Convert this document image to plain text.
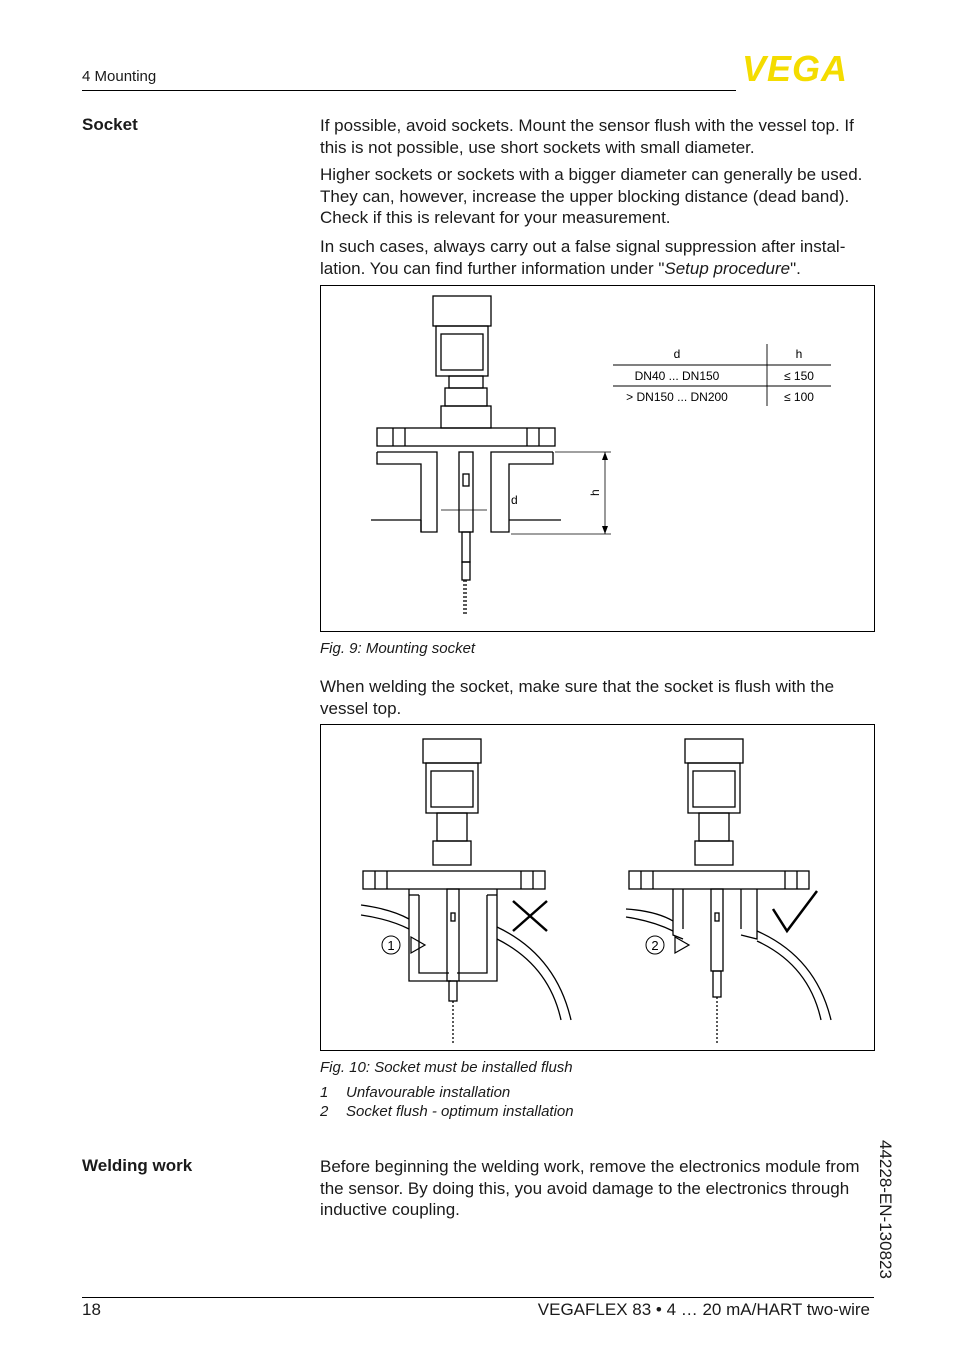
4 Mounting	VEGA
Socket	If possible, avoid sockets. Mount the sensor flush with the vessel top. If this is not possible, use short sockets with small diameter.
Higher sockets or sockets with a bigger diameter can generally be used. They can, however, increase the upper blocking distance (dead band). Check if this is relevant for your measurement.
In such cases, always carry out a false signal suppression after installation. You can find further information under "Setup procedure".
d
h
d	h
DN40 ... DN150	≤ 150
> DN150 ... DN200	≤ 100
Fig. 9: Mounting socket
When welding the socket, make sure that the socket is flush with the vessel top.
1	2
Fig. 10: Socket must be installed flush
1 Unfavourable installation
2 Socket flush - optimum installation
Welding work	Before beginning the welding work, remove the electronics module from the sensor. By doing this, you avoid damage to the electronics through inductive coupling.	44228-EN-130823
18	VEGAFLEX 83 • 4 … 20 mA/HART two-wire
